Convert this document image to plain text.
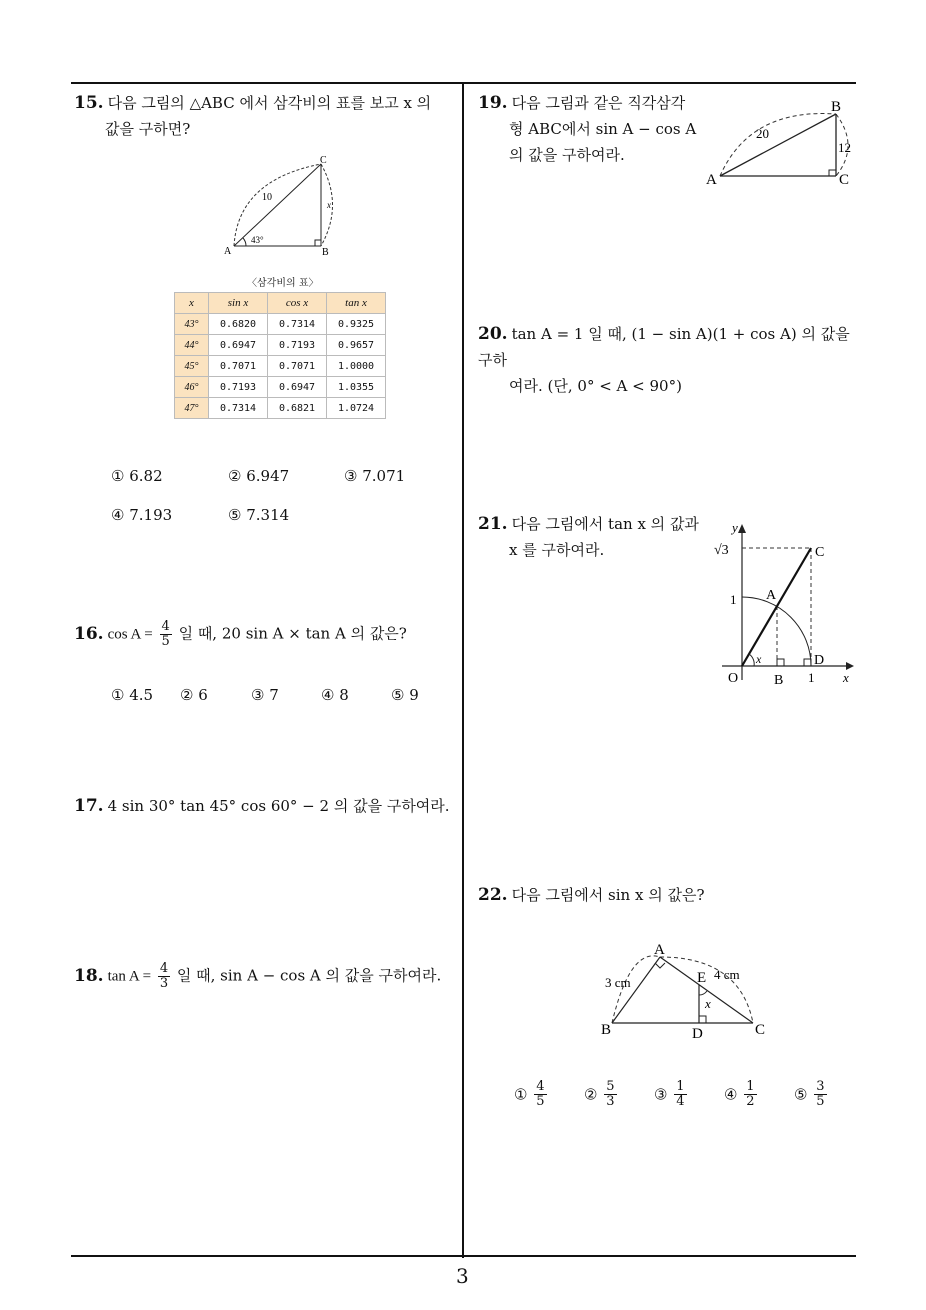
15. 다음 그림의 △ABC 에서 삼각비의 표를 보고 x 의
값을 구하면?
C
A	B
10
x
43°
〈삼각비의 표〉
x	sin x	cos x	tan x
43°	0.6820	0.7314	0.9325
44°	0.6947	0.7193	0.9657
45°	0.7071	0.7071	1.0000
46°	0.7193	0.6947	1.0355
47°	0.7314	0.6821	1.0724
① 6.82	② 6.947	③ 7.071
④ 7.193	⑤ 7.314
16. $\cos A = \frac{4}{5}$ 일 때, 20 sin A × tan A 의 값은?
① 4.5 ② 6	③ 7	④ 8	⑤ 9
17. 4 sin 30° tan 45° cos 60° − 2 의 값을 구하여라.
18. $\tan A = \frac{4}{3}$ 일 때, sin A − cos A 의 값을 구하여라.
19. 다음 그림과 같은 직각삼각
형 ABC에서 sin A − cos A
의 값을 구하여라.
A
B
C
20
12
20. tan A = 1 일 때, (1 − sin A)(1 + cos A) 의 값을 구하
여라. (단, 0° < A < 90°)
21. 다음 그림에서 tan x 의 값과
x 를 구하여라.
y
x
√3
1
1
O
A
B
C
D
x
22. 다음 그림에서 sin x 의 값은?
A
B	C
D
E
3 cm
4 cm
x
① $\frac{4}{5}$ ② $\frac{5}{3}$ ③ $\frac{1}{4}$ ④ $\frac{1}{2}$ ⑤ $\frac{3}{5}$
3
